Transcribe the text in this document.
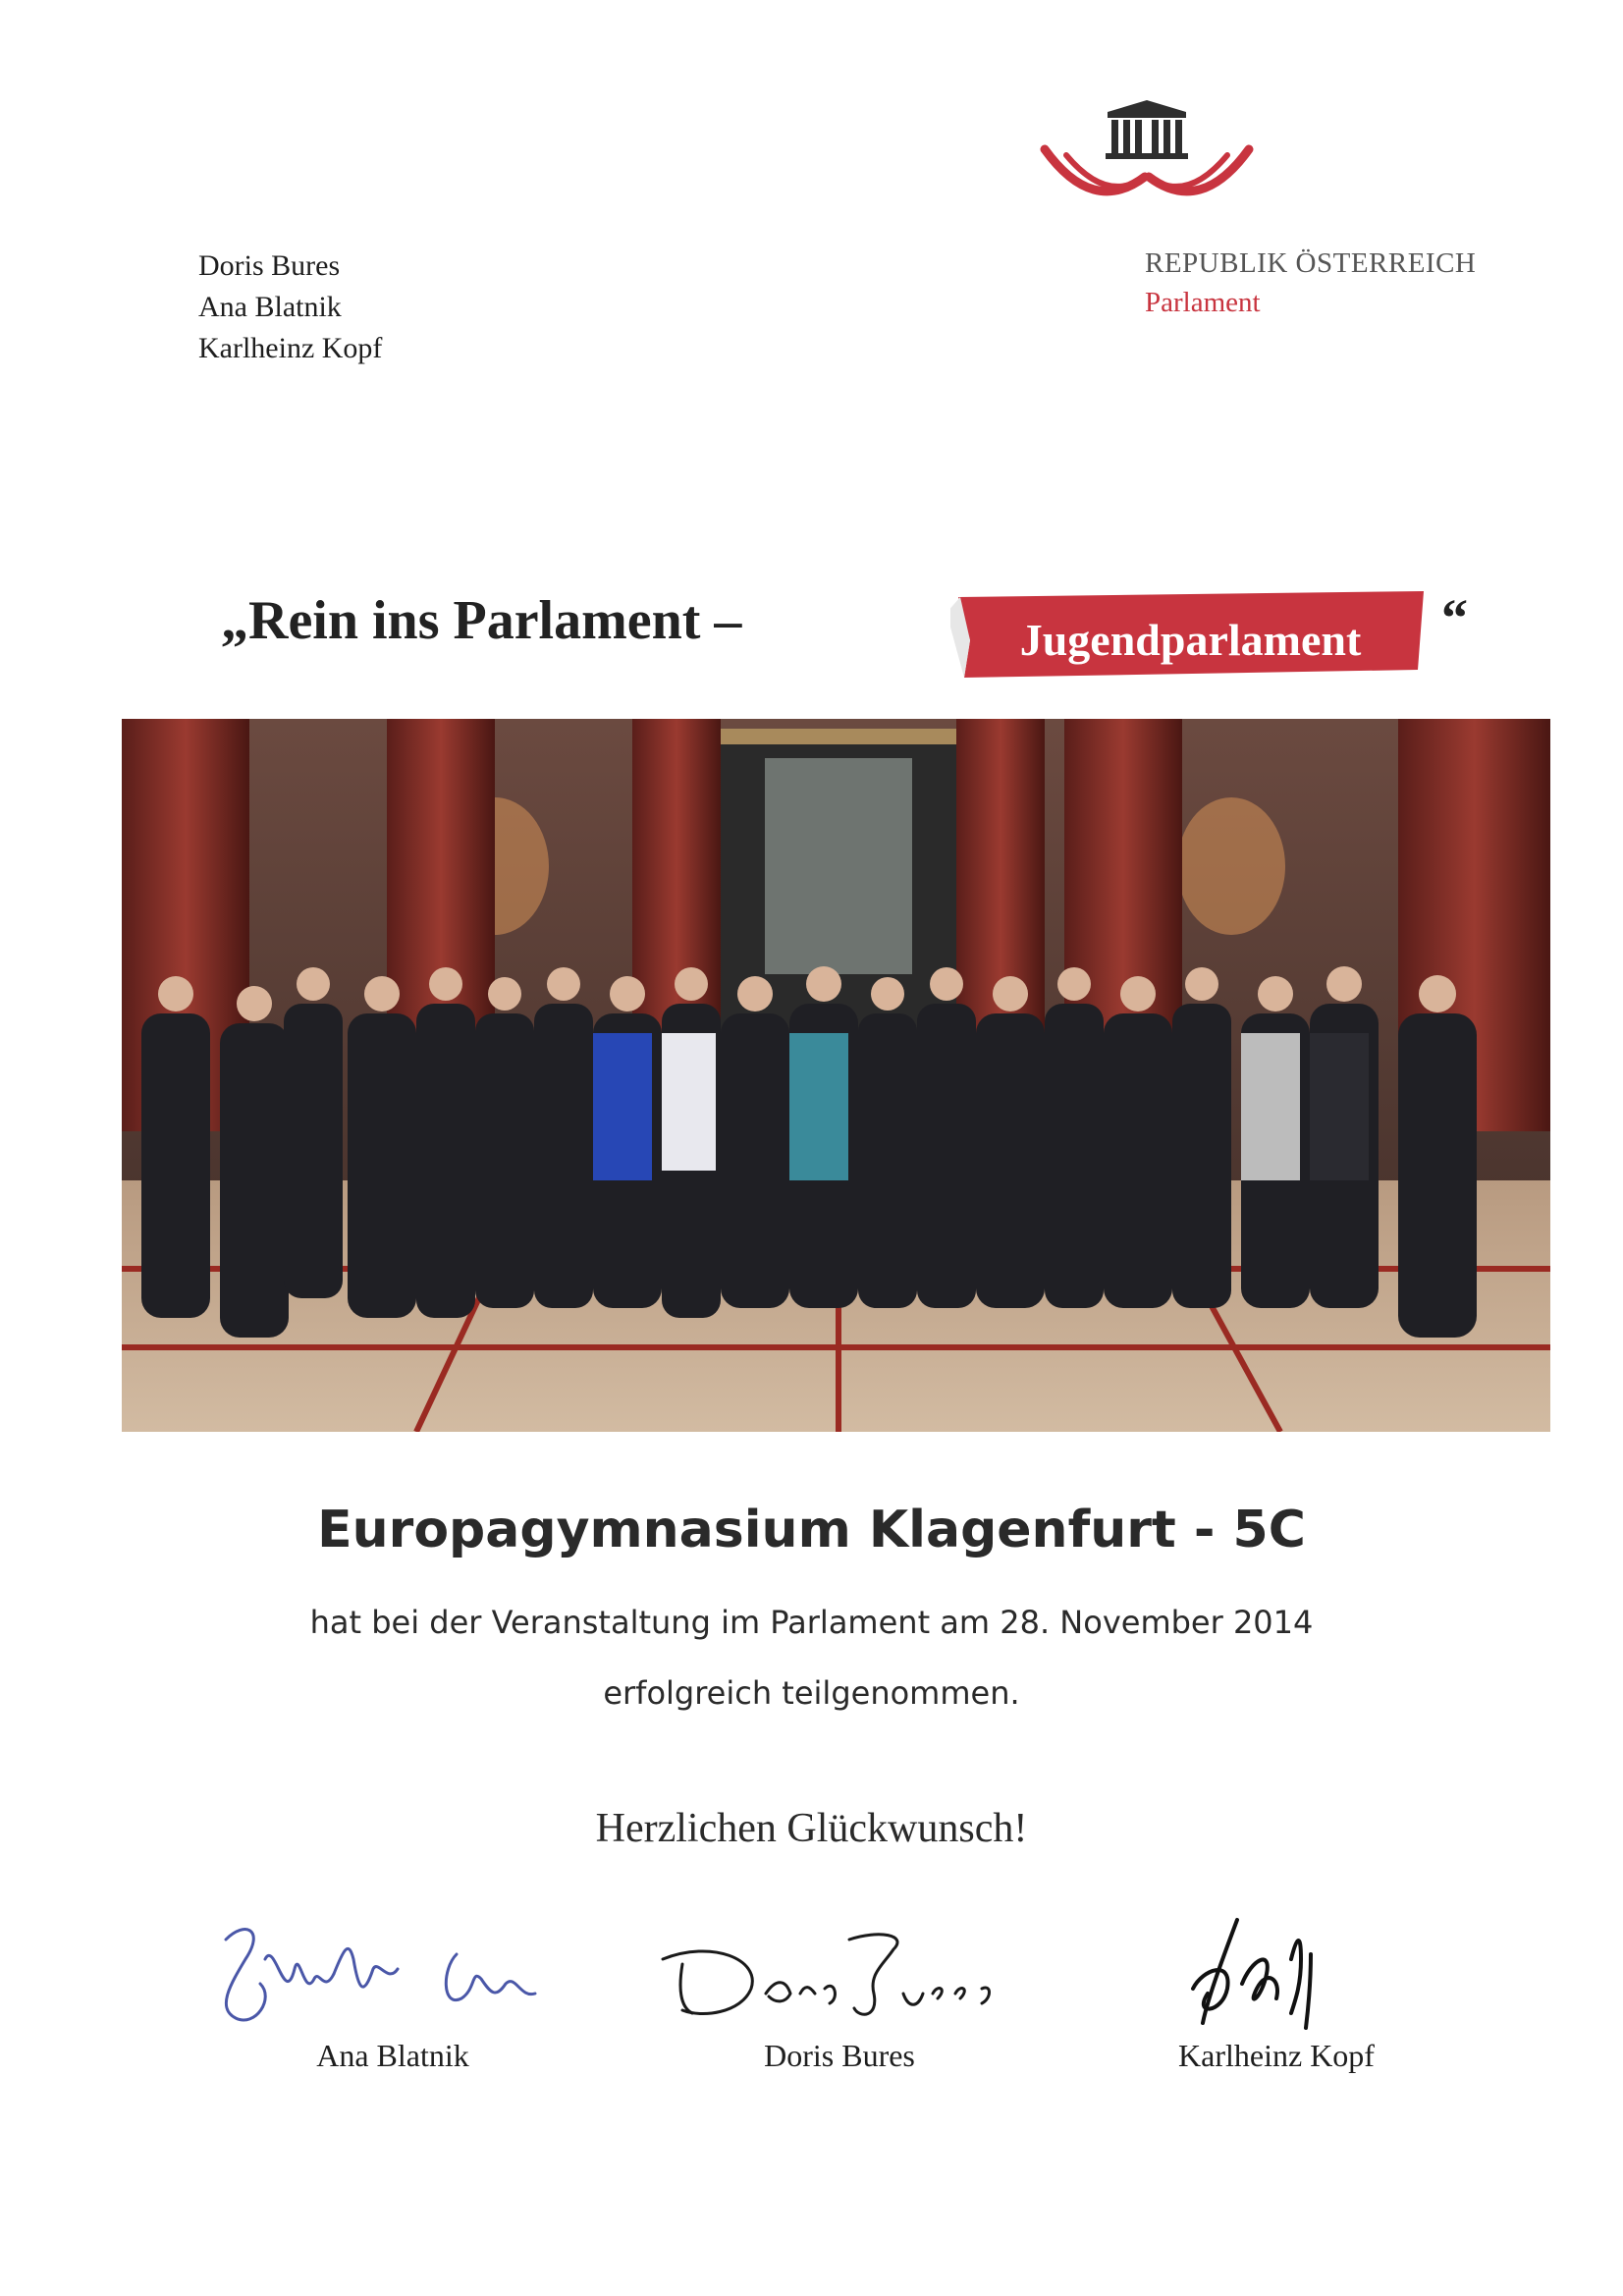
Doris Bures
Ana Blatnik
Karlheinz Kopf
REPUBLIK ÖSTERREICH
Parlament
„Rein ins Parlament –	Jugendparlament	“
Europagymnasium Klagenfurt - 5C
hat bei der Veranstaltung im Parlament am 28. November 2014
erfolgreich teilgenommen.
Herzlichen Glückwunsch!
Ana Blatnik	Doris Bures	Karlheinz Kopf
